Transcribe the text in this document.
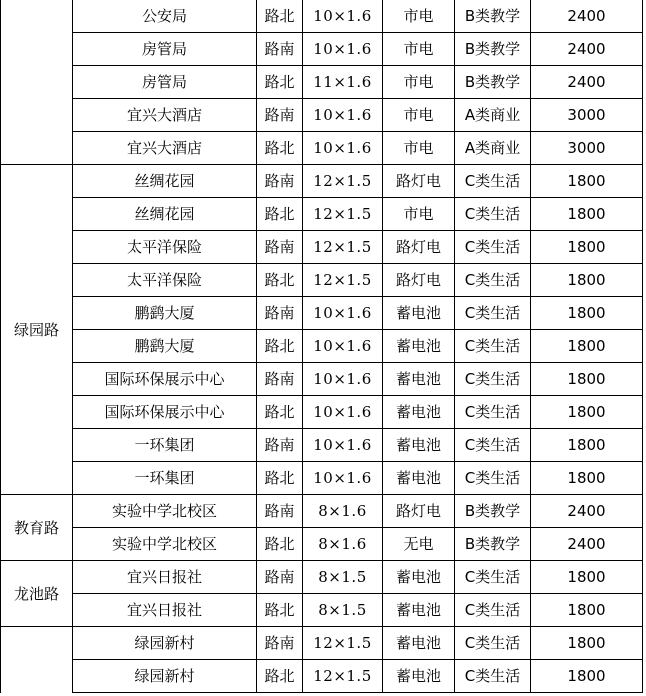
	公安局	路北	10×1.6	市电	B类教学	2400
	房管局	路南	10×1.6	市电	B类教学	2400
	房管局	路北	11×1.6	市电	B类教学	2400
	宜兴大酒店	路南	10×1.6	市电	A类商业	3000
	宜兴大酒店	路北	10×1.6	市电	A类商业	3000
绿园路	丝绸花园	路南	12×1.5	路灯电	C类生活	1800
	丝绸花园	路北	12×1.5	市电	C类生活	1800
	太平洋保险	路南	12×1.5	路灯电	C类生活	1800
	太平洋保险	路北	12×1.5	路灯电	C类生活	1800
	鹏鹞大厦	路南	10×1.6	蓄电池	C类生活	1800
	鹏鹞大厦	路北	10×1.6	蓄电池	C类生活	1800
	国际环保展示中心	路南	10×1.6	蓄电池	C类生活	1800
	国际环保展示中心	路北	10×1.6	蓄电池	C类生活	1800
	一环集团	路南	10×1.6	蓄电池	C类生活	1800
	一环集团	路北	10×1.6	蓄电池	C类生活	1800
教育路	实验中学北校区	路南	8×1.6	路灯电	B类教学	2400
	实验中学北校区	路北	8×1.6	无电	B类教学	2400
龙池路	宜兴日报社	路南	8×1.5	蓄电池	C类生活	1800
	宜兴日报社	路北	8×1.5	蓄电池	C类生活	1800
	绿园新村	路南	12×1.5	蓄电池	C类生活	1800
	绿园新村	路北	12×1.5	蓄电池	C类生活	1800
